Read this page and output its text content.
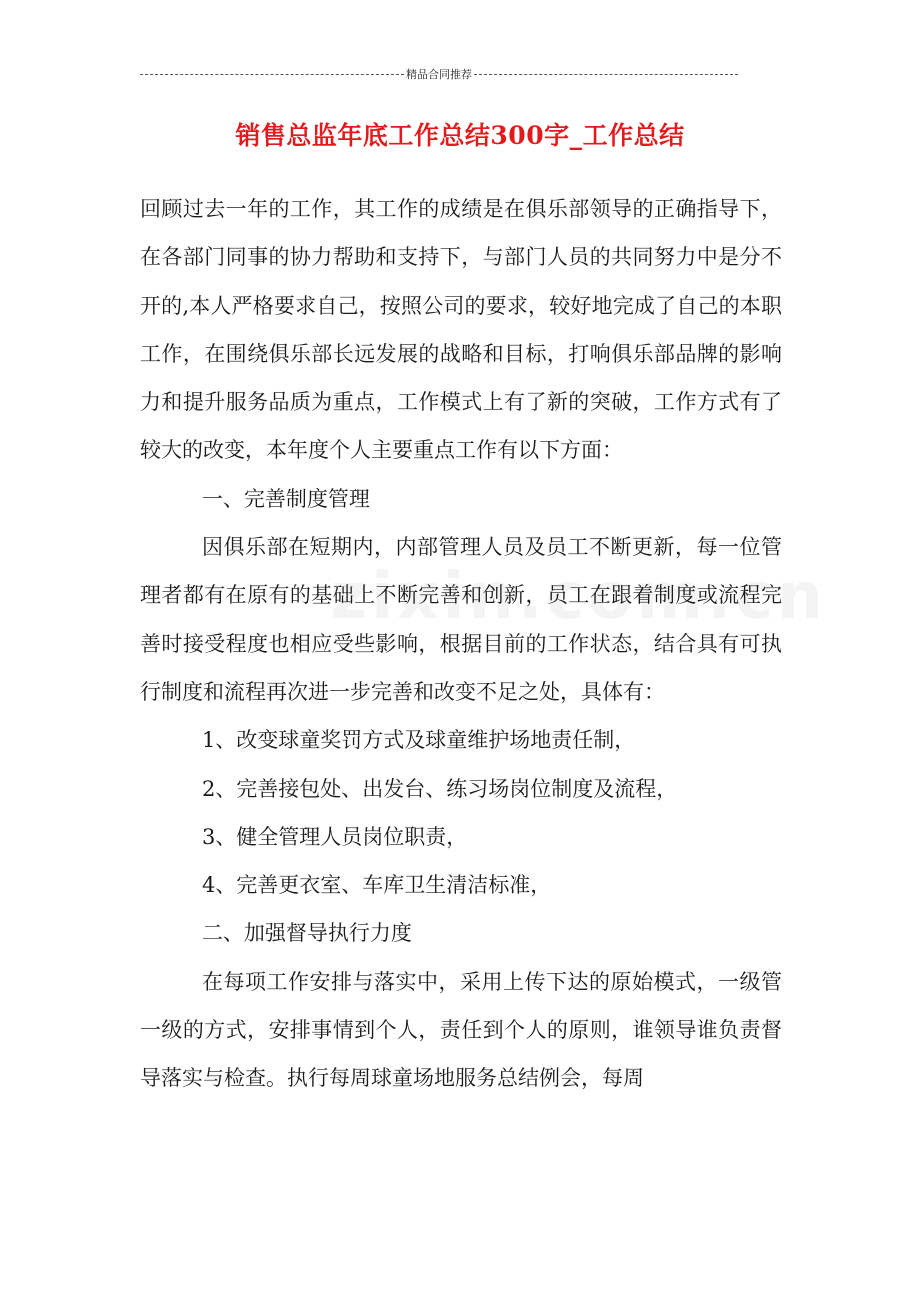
精品合同推荐
销售总监年底工作总结300字_工作总结

回顾过去一年的工作，其工作的成绩是在俱乐部领导的正确指导下，在各部门同事的协力帮助和支持下，与部门人员的共同努力中是分不开的,本人严格要求自己，按照公司的要求，较好地完成了自己的本职工作，在围绕俱乐部长远发展的战略和目标，打响俱乐部品牌的影响力和提升服务品质为重点，工作模式上有了新的突破，工作方式有了较大的改变，本年度个人主要重点工作有以下方面：

一、完善制度管理

因俱乐部在短期内，内部管理人员及员工不断更新，每一位管理者都有在原有的基础上不断完善和创新，员工在跟着制度或流程完善时接受程度也相应受些影响，根据目前的工作状态，结合具有可执行制度和流程再次进一步完善和改变不足之处，具体有：

1、改变球童奖罚方式及球童维护场地责任制，

2、完善接包处、出发台、练习场岗位制度及流程，

3、健全管理人员岗位职责，

4、完善更衣室、车库卫生清洁标准，

二、加强督导执行力度

在每项工作安排与落实中，采用上传下达的原始模式，一级管一级的方式，安排事情到个人，责任到个人的原则，谁领导谁负责督导落实与检查。执行每周球童场地服务总结例会，每周
